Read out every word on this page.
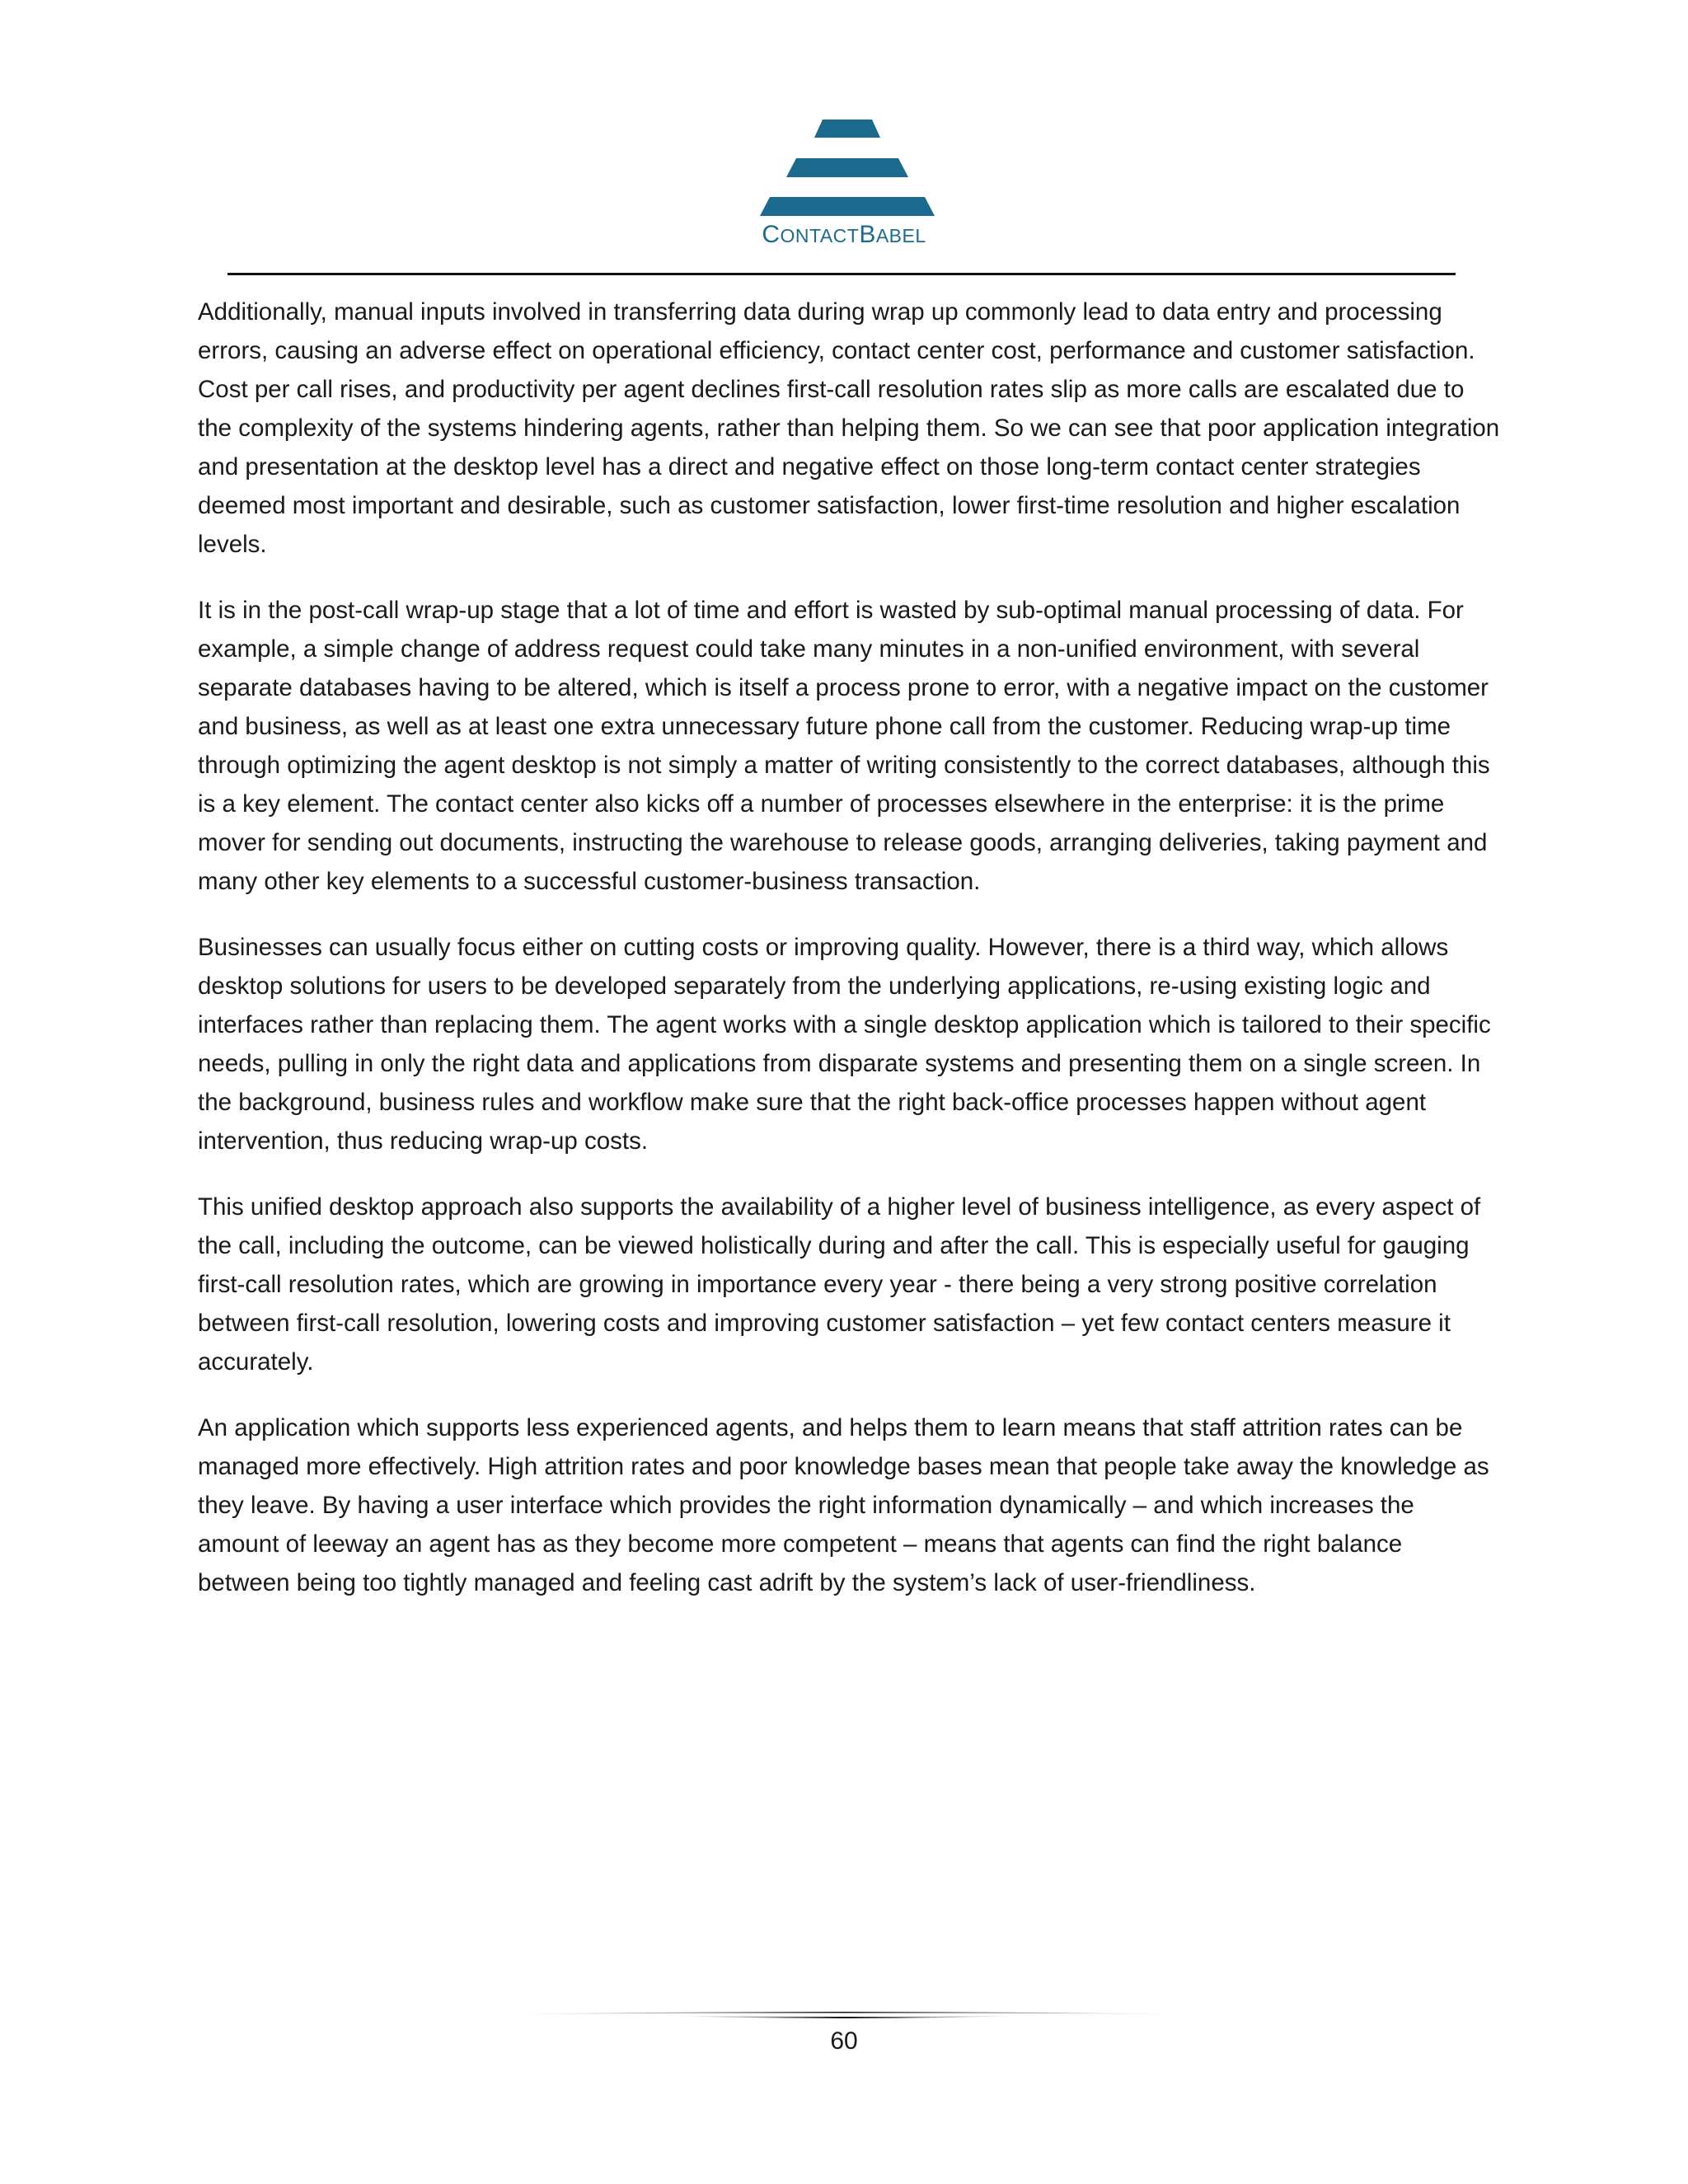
CONTACTBABEL

Additionally, manual inputs involved in transferring data during wrap up commonly lead to data entry and processing errors, causing an adverse effect on operational efficiency, contact center cost, performance and customer satisfaction. Cost per call rises, and productivity per agent declines first-call resolution rates slip as more calls are escalated due to the complexity of the systems hindering agents, rather than helping them. So we can see that poor application integration and presentation at the desktop level has a direct and negative effect on those long-term contact center strategies deemed most important and desirable, such as customer satisfaction, lower first-time resolution and higher escalation levels.

It is in the post-call wrap-up stage that a lot of time and effort is wasted by sub-optimal manual processing of data. For example, a simple change of address request could take many minutes in a non-unified environment, with several separate databases having to be altered, which is itself a process prone to error, with a negative impact on the customer and business, as well as at least one extra unnecessary future phone call from the customer. Reducing wrap-up time through optimizing the agent desktop is not simply a matter of writing consistently to the correct databases, although this is a key element. The contact center also kicks off a number of processes elsewhere in the enterprise: it is the prime mover for sending out documents, instructing the warehouse to release goods, arranging deliveries, taking payment and many other key elements to a successful customer-business transaction.

Businesses can usually focus either on cutting costs or improving quality. However, there is a third way, which allows desktop solutions for users to be developed separately from the underlying applications, re-using existing logic and interfaces rather than replacing them. The agent works with a single desktop application which is tailored to their specific needs, pulling in only the right data and applications from disparate systems and presenting them on a single screen. In the background, business rules and workflow make sure that the right back-office processes happen without agent intervention, thus reducing wrap-up costs.

This unified desktop approach also supports the availability of a higher level of business intelligence, as every aspect of the call, including the outcome, can be viewed holistically during and after the call. This is especially useful for gauging first-call resolution rates, which are growing in importance every year - there being a very strong positive correlation between first-call resolution, lowering costs and improving customer satisfaction – yet few contact centers measure it accurately.

An application which supports less experienced agents, and helps them to learn means that staff attrition rates can be managed more effectively. High attrition rates and poor knowledge bases mean that people take away the knowledge as they leave. By having a user interface which provides the right information dynamically – and which increases the amount of leeway an agent has as they become more competent – means that agents can find the right balance between being too tightly managed and feeling cast adrift by the system’s lack of user-friendliness.

60
